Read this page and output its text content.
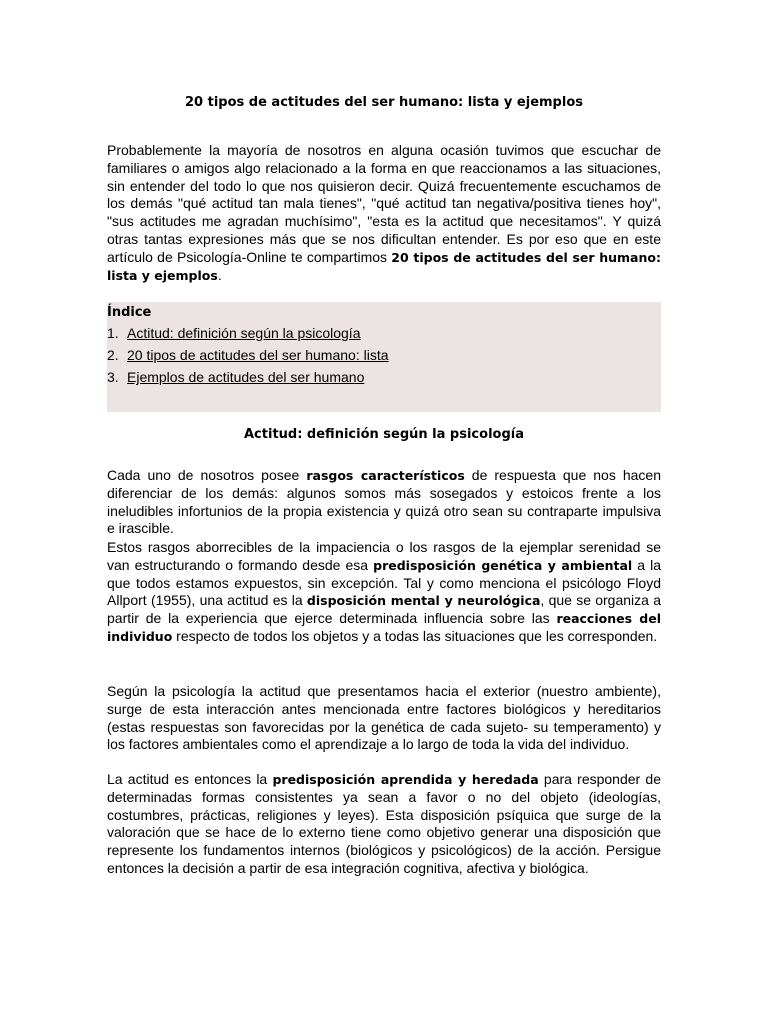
20 tipos de actitudes del ser humano: lista y ejemplos

Probablemente la mayoría de nosotros en alguna ocasión tuvimos que escuchar de familiares o amigos algo relacionado a la forma en que reaccionamos a las situaciones, sin entender del todo lo que nos quisieron decir. Quizá frecuentemente escuchamos de los demás "qué actitud tan mala tienes", "qué actitud tan negativa/positiva tienes hoy", "sus actitudes me agradan muchísimo", "esta es la actitud que necesitamos". Y quizá otras tantas expresiones más que se nos dificultan entender. Es por eso que en este artículo de Psicología-Online te compartimos 20 tipos de actitudes del ser humano: lista y ejemplos.

Índice
1. Actitud: definición según la psicología
2. 20 tipos de actitudes del ser humano: lista
3. Ejemplos de actitudes del ser humano
Actitud: definición según la psicología

Cada uno de nosotros posee rasgos característicos de respuesta que nos hacen diferenciar de los demás: algunos somos más sosegados y estoicos frente a los ineludibles infortunios de la propia existencia y quizá otro sean su contraparte impulsiva e irascible.

Estos rasgos aborrecibles de la impaciencia o los rasgos de la ejemplar serenidad se van estructurando o formando desde esa predisposición genética y ambiental a la que todos estamos expuestos, sin excepción. Tal y como menciona el psicólogo Floyd Allport (1955), una actitud es la disposición mental y neurológica, que se organiza a partir de la experiencia que ejerce determinada influencia sobre las reacciones del individuo respecto de todos los objetos y a todas las situaciones que les corresponden.

Según la psicología la actitud que presentamos hacia el exterior (nuestro ambiente), surge de esta interacción antes mencionada entre factores biológicos y hereditarios (estas respuestas son favorecidas por la genética de cada sujeto- su temperamento) y los factores ambientales como el aprendizaje a lo largo de toda la vida del individuo.

La actitud es entonces la predisposición aprendida y heredada para responder de determinadas formas consistentes ya sean a favor o no del objeto (ideologías, costumbres, prácticas, religiones y leyes). Esta disposición psíquica que surge de la valoración que se hace de lo externo tiene como objetivo generar una disposición que represente los fundamentos internos (biológicos y psicológicos) de la acción. Persigue entonces la decisión a partir de esa integración cognitiva, afectiva y biológica.
